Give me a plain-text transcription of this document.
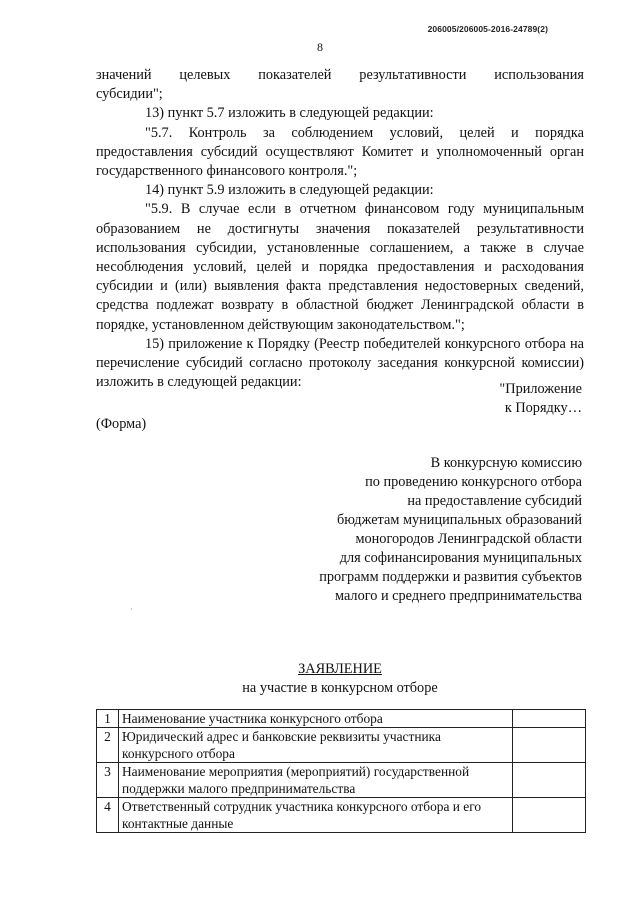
206005/206005-2016-24789(2)
8

значений целевых показателей результативности использования

субсидии";

13) пункт 5.7 изложить в следующей редакции:

"5.7. Контроль за соблюдением условий, целей и порядка предоставления субсидий осуществляют Комитет и уполномоченный орган государственного финансового контроля.";

14) пункт 5.9 изложить в следующей редакции:

"5.9. В случае если в отчетном финансовом году муниципальным образованием не достигнуты значения показателей результативности использования субсидии, установленные соглашением, а также в случае несоблюдения условий, целей и порядка предоставления и расходования субсидии и (или) выявления факта представления недостоверных сведений, средства подлежат возврату в областной бюджет Ленинградской области в порядке, установленном действующим законодательством.";

15) приложение к Порядку (Реестр победителей конкурсного отбора на перечисление субсидий согласно протоколу заседания конкурсной комиссии) изложить в следующей редакции:	"Приложение
к Порядку…
(Форма)
В конкурсную комиссию
по проведению конкурсного отбора
на предоставление субсидий
бюджетам муниципальных образований
моногородов Ленинградской области
для софинансирования муниципальных
программ поддержки и развития субъектов
малого и среднего предпринимательства
·
ЗАЯВЛЕНИЕ
на участие в конкурсном отборе
1	Наименование участника конкурсного отбора	
2	Юридический адрес и банковские реквизиты участника конкурсного отбора	
3	Наименование мероприятия (мероприятий) государственной поддержки малого предпринимательства	
4	Ответственный сотрудник участника конкурсного отбора и его контактные данные	
